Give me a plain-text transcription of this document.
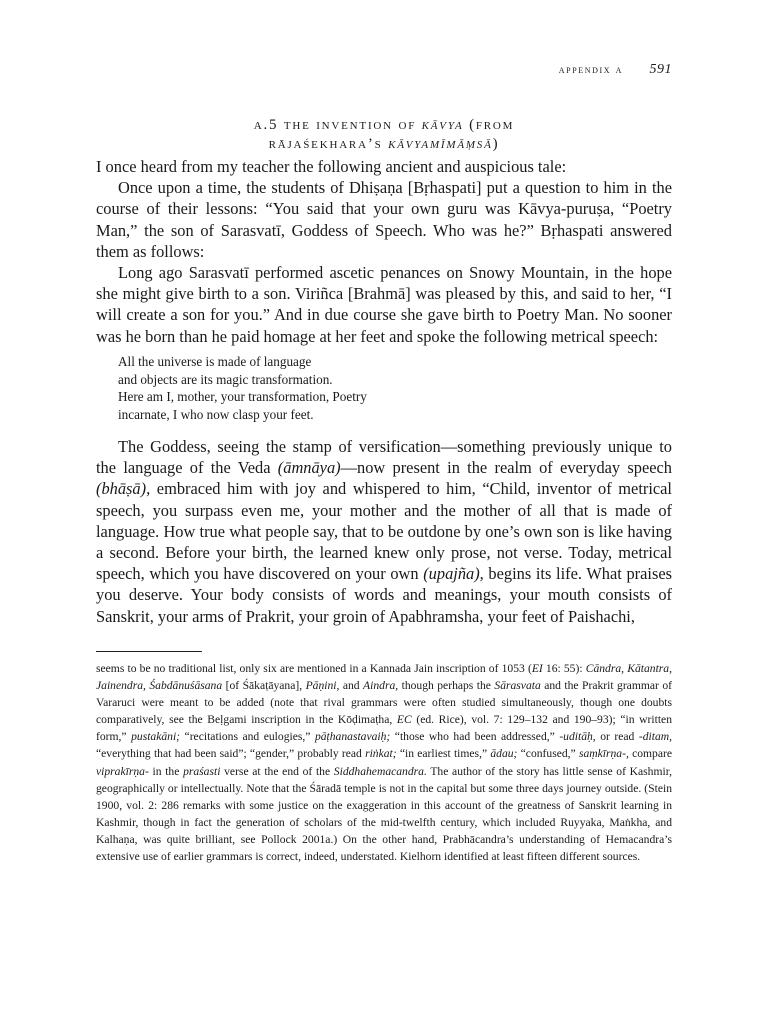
appendix a 591
a.5 the invention of kāvya (from
rājaśekhara’s kāvyamīmāṃsā)

I once heard from my teacher the following ancient and auspicious tale:

Once upon a time, the students of Dhiṣaṇa [Bṛhaspati] put a question to him in the course of their lessons: “You said that your own guru was Kāvya-puruṣa, “Poetry Man,” the son of Sarasvatī, Goddess of Speech. Who was he?” Bṛhaspati answered them as follows:

Long ago Sarasvatī performed ascetic penances on Snowy Mountain, in the hope she might give birth to a son. Viriñca [Brahmā] was pleased by this, and said to her, “I will create a son for you.” And in due course she gave birth to Poetry Man. No sooner was he born than he paid homage at her feet and spoke the following metrical speech:

All the universe is made of language
and objects are its magic transformation.
Here am I, mother, your transformation, Poetry
incarnate, I who now clasp your feet.

The Goddess, seeing the stamp of versification—something previously unique to the language of the Veda (āmnāya)—now present in the realm of everyday speech (bhāṣā), embraced him with joy and whispered to him, “Child, inventor of metrical speech, you surpass even me, your mother and the mother of all that is made of language. How true what people say, that to be outdone by one’s own son is like having a second. Before your birth, the learned knew only prose, not verse. Today, metrical speech, which you have discovered on your own (upajña), begins its life. What praises you deserve. Your body consists of words and meanings, your mouth consists of Sanskrit, your arms of Prakrit, your groin of Apabhramsha, your feet of Paishachi,

seems to be no traditional list, only six are mentioned in a Kannada Jain inscription of 1053 (EI 16: 55): Cāndra, Kātantra, Jainendra, Śabdānuśāsana [of Śākaṭāyana], Pāṇini, and Aindra, though perhaps the Sārasvata and the Prakrit grammar of Vararuci were meant to be added (note that rival grammars were often studied simultaneously, though one doubts comparatively, see the Beḷgami inscription in the Kōḍimaṭha, EC (ed. Rice), vol. 7: 129–132 and 190–93); “in written form,” pustakāni; “recitations and eulogies,” pāṭhanastavaiḥ; “those who had been addressed,” -uditāḥ, or read -ditam, “everything that had been said”; “gender,” probably read riṅkat; “in earliest times,” ādau; “confused,” saṃkīrṇa-, compare viprakīrṇa- in the praśasti verse at the end of the Siddhahemacandra. The author of the story has little sense of Kashmir, geographically or intellectually. Note that the Śāradā temple is not in the capital but some three days journey outside. (Stein 1900, vol. 2: 286 remarks with some justice on the exaggeration in this account of the greatness of Sanskrit learning in Kashmir, though in fact the generation of scholars of the mid-twelfth century, which included Ruyyaka, Maṅkha, and Kalhaṇa, was quite brilliant, see Pollock 2001a.) On the other hand, Prabhācandra’s understanding of Hemacandra’s extensive use of earlier grammars is correct, indeed, understated. Kielhorn identified at least fifteen different sources.
